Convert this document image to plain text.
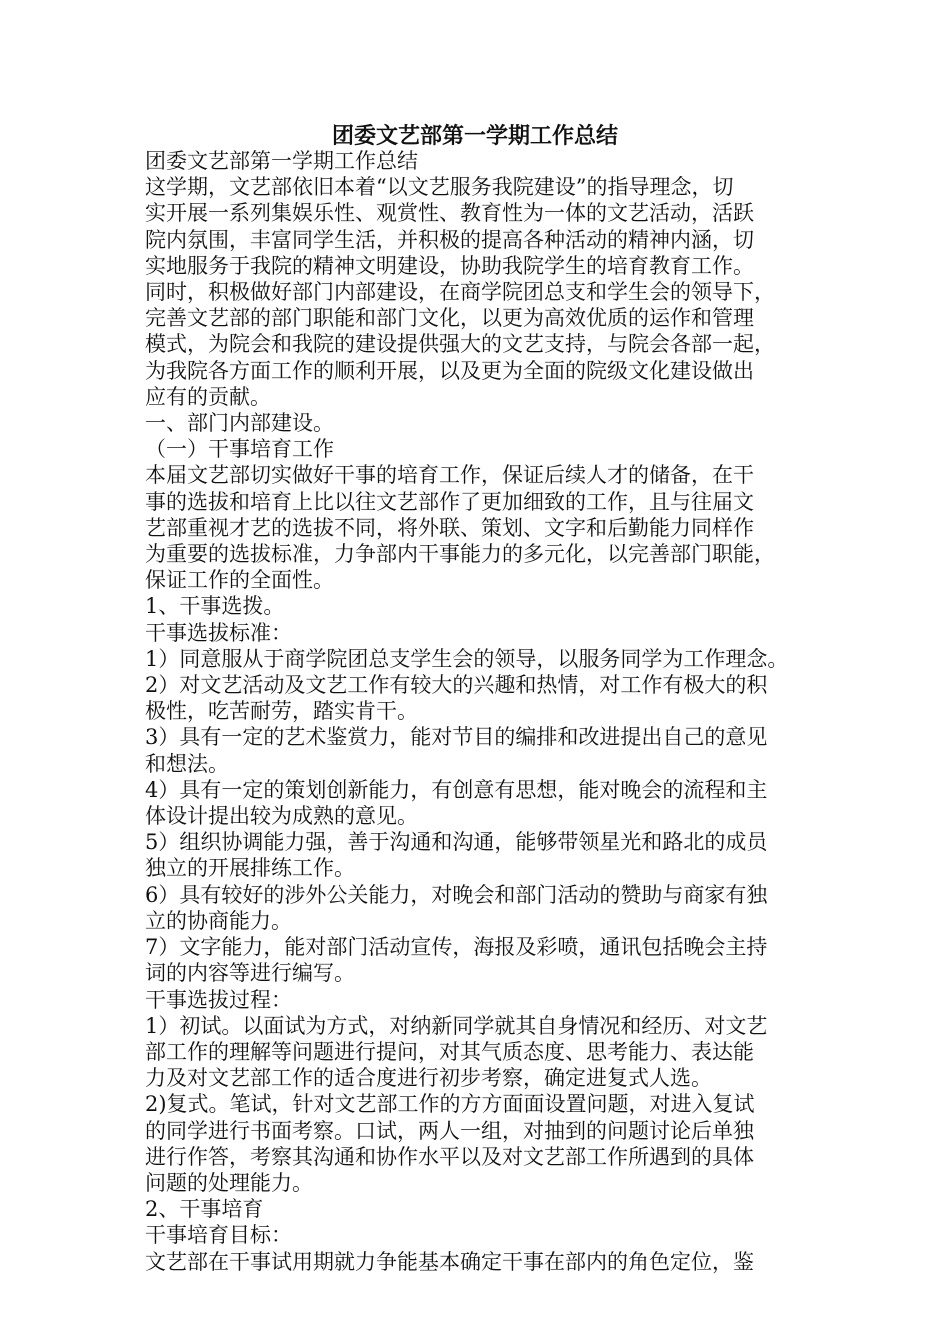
团委文艺部第一学期工作总结

团委文艺部第一学期工作总结

这学期，文艺部依旧本着“以文艺服务我院建设”的指导理念，切

实开展一系列集娱乐性、观赏性、教育性为一体的文艺活动，活跃

院内氛围，丰富同学生活，并积极的提高各种活动的精神内涵，切

实地服务于我院的精神文明建设，协助我院学生的培育教育工作。

同时，积极做好部门内部建设，在商学院团总支和学生会的领导下，

完善文艺部的部门职能和部门文化，以更为高效优质的运作和管理

模式，为院会和我院的建设提供强大的文艺支持，与院会各部一起，

为我院各方面工作的顺利开展，以及更为全面的院级文化建设做出

应有的贡献。

一、部门内部建设。

（一）干事培育工作

本届文艺部切实做好干事的培育工作，保证后续人才的储备，在干

事的选拔和培育上比以往文艺部作了更加细致的工作，且与往届文

艺部重视才艺的选拔不同，将外联、策划、文字和后勤能力同样作

为重要的选拔标准，力争部内干事能力的多元化，以完善部门职能，

保证工作的全面性。

1、干事选拨。

干事选拔标准：

1）同意服从于商学院团总支学生会的领导，以服务同学为工作理念。

2）对文艺活动及文艺工作有较大的兴趣和热情，对工作有极大的积

极性，吃苦耐劳，踏实肯干。

3）具有一定的艺术鉴赏力，能对节目的编排和改进提出自己的意见

和想法。

4）具有一定的策划创新能力，有创意有思想，能对晚会的流程和主

体设计提出较为成熟的意见。

5）组织协调能力强，善于沟通和沟通，能够带领星光和路北的成员

独立的开展排练工作。

6）具有较好的涉外公关能力，对晚会和部门活动的赞助与商家有独

立的协商能力。

7）文字能力，能对部门活动宣传，海报及彩喷，通讯包括晚会主持

词的内容等进行编写。

干事选拔过程：

1）初试。以面试为方式，对纳新同学就其自身情况和经历、对文艺

部工作的理解等问题进行提问，对其气质态度、思考能力、表达能

力及对文艺部工作的适合度进行初步考察，确定进复式人选。

2)复式。笔试，针对文艺部工作的方方面面设置问题，对进入复试

的同学进行书面考察。口试，两人一组，对抽到的问题讨论后单独

进行作答，考察其沟通和协作水平以及对文艺部工作所遇到的具体

问题的处理能力。

2、干事培育

干事培育目标：

文艺部在干事试用期就力争能基本确定干事在部内的角色定位，鉴
